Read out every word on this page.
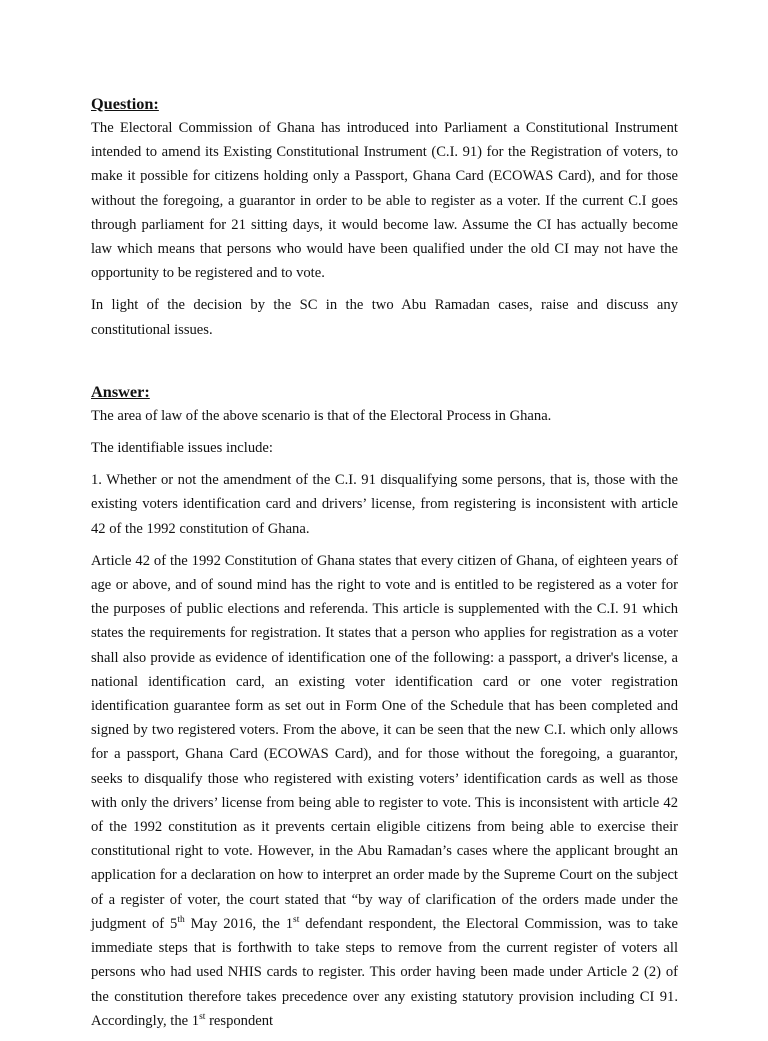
Question:

The Electoral Commission of Ghana has introduced into Parliament a Constitutional Instrument intended to amend its Existing Constitutional Instrument (C.I. 91) for the Registration of voters, to make it possible for citizens holding only a Passport, Ghana Card (ECOWAS Card), and for those without the foregoing, a guarantor in order to be able to register as a voter. If the current C.I goes through parliament for 21 sitting days, it would become law. Assume the CI has actually become law which means that persons who would have been qualified under the old CI may not have the opportunity to be registered and to vote.

In light of the decision by the SC in the two Abu Ramadan cases, raise and discuss any constitutional issues.

Answer:

The area of law of the above scenario is that of the Electoral Process in Ghana.

The identifiable issues include:

1. Whether or not the amendment of the C.I. 91 disqualifying some persons, that is, those with the existing voters identification card and drivers’ license, from registering is inconsistent with article 42 of the 1992 constitution of Ghana.

Article 42 of the 1992 Constitution of Ghana states that every citizen of Ghana, of eighteen years of age or above, and of sound mind has the right to vote and is entitled to be registered as a voter for the purposes of public elections and referenda. This article is supplemented with the C.I. 91 which states the requirements for registration. It states that a person who applies for registration as a voter shall also provide as evidence of identification one of the following: a passport, a driver's license, a national identification card, an existing voter identification card or one voter registration identification guarantee form as set out in Form One of the Schedule that has been completed and signed by two registered voters. From the above, it can be seen that the new C.I. which only allows for a passport, Ghana Card (ECOWAS Card), and for those without the foregoing, a guarantor, seeks to disqualify those who registered with existing voters’ identification cards as well as those with only the drivers’ license from being able to register to vote. This is inconsistent with article 42 of the 1992 constitution as it prevents certain eligible citizens from being able to exercise their constitutional right to vote. However, in the Abu Ramadan’s cases where the applicant brought an application for a declaration on how to interpret an order made by the Supreme Court on the subject of a register of voter, the court stated that “by way of clarification of the orders made under the judgment of 5th May 2016, the 1st defendant respondent, the Electoral Commission, was to take immediate steps that is forthwith to take steps to remove from the current register of voters all persons who had used NHIS cards to register. This order having been made under Article 2 (2) of the constitution therefore takes precedence over any existing statutory provision including CI 91. Accordingly, the 1st respondent
